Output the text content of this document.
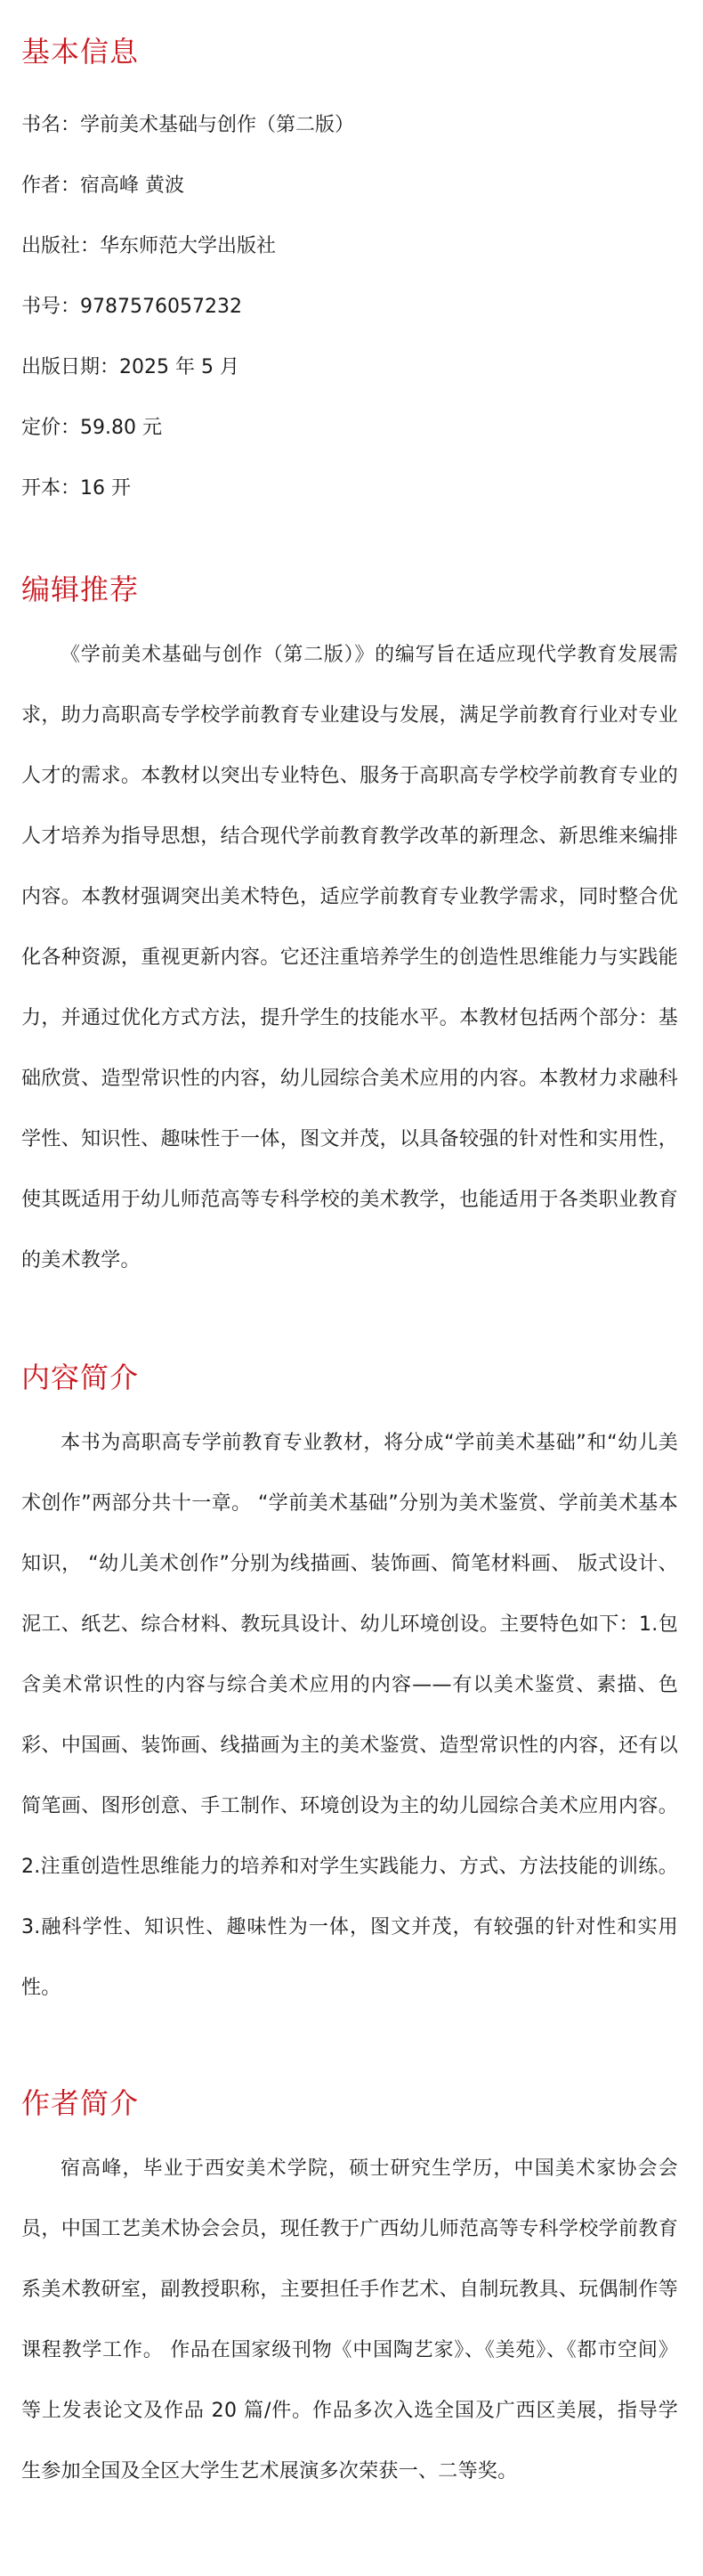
基本信息
书名：学前美术基础与创作（第二版）
作者：宿高峰 黄波
出版社：华东师范大学出版社
书号：9787576057232
出版日期：2025 年 5 月
定价：59.80 元
开本：16 开
编辑推荐

《学前美术基础与创作（第二版）》的编写旨在适应现代学教育发展需求，助力高职高专学校学前教育专业建设与发展，满足学前教育行业对专业人才的需求。本教材以突出专业特色、服务于高职高专学校学前教育专业的人才培养为指导思想，结合现代学前教育教学改革的新理念、新思维来编排内容。本教材强调突出美术特色，适应学前教育专业教学需求，同时整合优化各种资源，重视更新内容。它还注重培养学生的创造性思维能力与实践能力，并通过优化方式方法，提升学生的技能水平。本教材包括两个部分：基础欣赏、造型常识性的内容，幼儿园综合美术应用的内容。本教材力求融科学性、知识性、趣味性于一体，图文并茂，以具备较强的针对性和实用性，使其既适用于幼儿师范高等专科学校的美术教学，也能适用于各类职业教育的美术教学。

内容简介

本书为高职高专学前教育专业教材，将分成“学前美术基础”和“幼儿美术创作”两部分共十一章。 “学前美术基础”分别为美术鉴赏、学前美术基本知识， “幼儿美术创作”分别为线描画、装饰画、简笔材料画、 版式设计、泥工、纸艺、综合材料、教玩具设计、幼儿环境创设。主要特色如下：1.包含美术常识性的内容与综合美术应用的内容——有以美术鉴赏、素描、色彩、中国画、装饰画、线描画为主的美术鉴赏、造型常识性的内容，还有以简笔画、图形创意、手工制作、环境创设为主的幼儿园综合美术应用内容。2.注重创造性思维能力的培养和对学生实践能力、方式、方法技能的训练。3.融科学性、知识性、趣味性为一体，图文并茂，有较强的针对性和实用性。

作者简介

宿高峰，毕业于西安美术学院，硕士研究生学历，中国美术家协会会员，中国工艺美术协会会员，现任教于广西幼儿师范高等专科学校学前教育系美术教研室，副教授职称，主要担任手作艺术、自制玩教具、玩偶制作等课程教学工作。 作品在国家级刊物《中国陶艺家》、《美苑》、《都市空间》等上发表论文及作品 20 篇/件。作品多次入选全国及广西区美展，指导学生参加全国及全区大学生艺术展演多次荣获一、二等奖。
